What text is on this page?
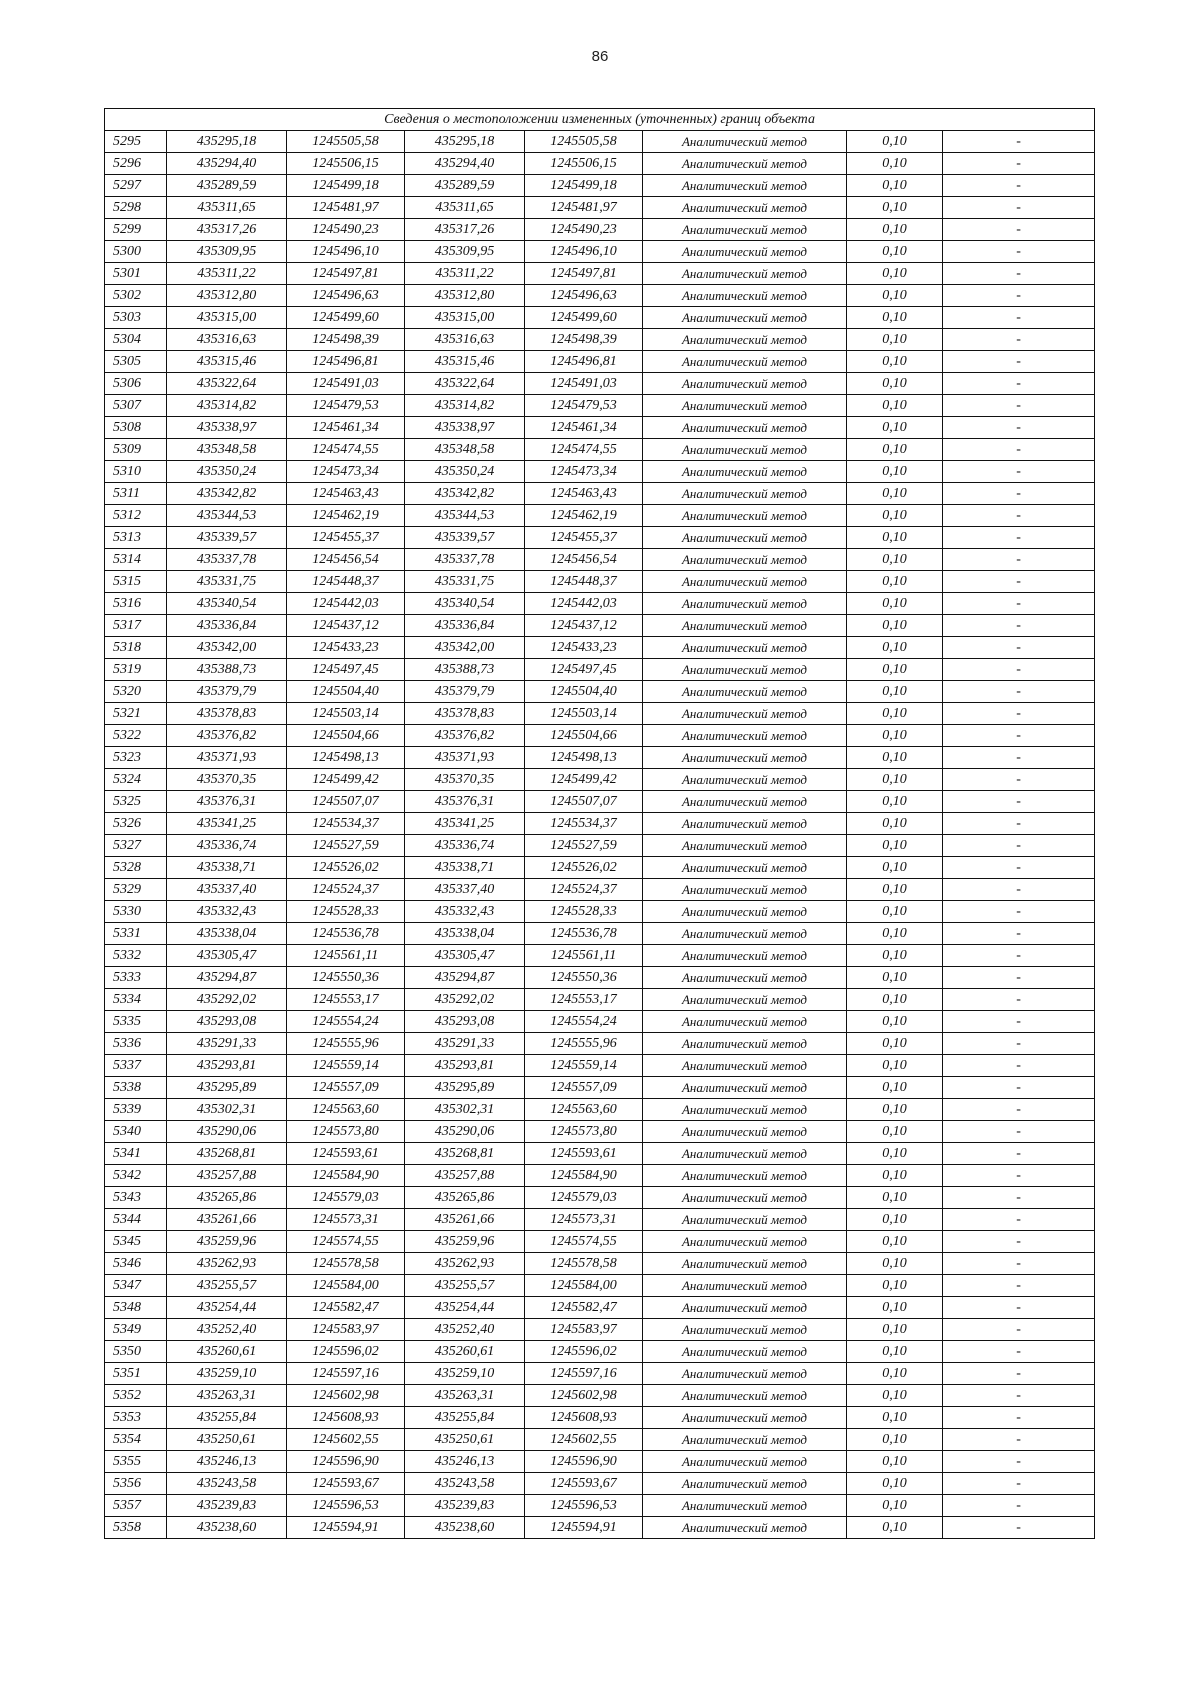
86
Сведения о местоположении измененных (уточненных) границ объекта							
5295	435295,18	1245505,58	435295,18	1245505,58	Аналитический метод	0,10	-
5296	435294,40	1245506,15	435294,40	1245506,15	Аналитический метод	0,10	-
5297	435289,59	1245499,18	435289,59	1245499,18	Аналитический метод	0,10	-
5298	435311,65	1245481,97	435311,65	1245481,97	Аналитический метод	0,10	-
5299	435317,26	1245490,23	435317,26	1245490,23	Аналитический метод	0,10	-
5300	435309,95	1245496,10	435309,95	1245496,10	Аналитический метод	0,10	-
5301	435311,22	1245497,81	435311,22	1245497,81	Аналитический метод	0,10	-
5302	435312,80	1245496,63	435312,80	1245496,63	Аналитический метод	0,10	-
5303	435315,00	1245499,60	435315,00	1245499,60	Аналитический метод	0,10	-
5304	435316,63	1245498,39	435316,63	1245498,39	Аналитический метод	0,10	-
5305	435315,46	1245496,81	435315,46	1245496,81	Аналитический метод	0,10	-
5306	435322,64	1245491,03	435322,64	1245491,03	Аналитический метод	0,10	-
5307	435314,82	1245479,53	435314,82	1245479,53	Аналитический метод	0,10	-
5308	435338,97	1245461,34	435338,97	1245461,34	Аналитический метод	0,10	-
5309	435348,58	1245474,55	435348,58	1245474,55	Аналитический метод	0,10	-
5310	435350,24	1245473,34	435350,24	1245473,34	Аналитический метод	0,10	-
5311	435342,82	1245463,43	435342,82	1245463,43	Аналитический метод	0,10	-
5312	435344,53	1245462,19	435344,53	1245462,19	Аналитический метод	0,10	-
5313	435339,57	1245455,37	435339,57	1245455,37	Аналитический метод	0,10	-
5314	435337,78	1245456,54	435337,78	1245456,54	Аналитический метод	0,10	-
5315	435331,75	1245448,37	435331,75	1245448,37	Аналитический метод	0,10	-
5316	435340,54	1245442,03	435340,54	1245442,03	Аналитический метод	0,10	-
5317	435336,84	1245437,12	435336,84	1245437,12	Аналитический метод	0,10	-
5318	435342,00	1245433,23	435342,00	1245433,23	Аналитический метод	0,10	-
5319	435388,73	1245497,45	435388,73	1245497,45	Аналитический метод	0,10	-
5320	435379,79	1245504,40	435379,79	1245504,40	Аналитический метод	0,10	-
5321	435378,83	1245503,14	435378,83	1245503,14	Аналитический метод	0,10	-
5322	435376,82	1245504,66	435376,82	1245504,66	Аналитический метод	0,10	-
5323	435371,93	1245498,13	435371,93	1245498,13	Аналитический метод	0,10	-
5324	435370,35	1245499,42	435370,35	1245499,42	Аналитический метод	0,10	-
5325	435376,31	1245507,07	435376,31	1245507,07	Аналитический метод	0,10	-
5326	435341,25	1245534,37	435341,25	1245534,37	Аналитический метод	0,10	-
5327	435336,74	1245527,59	435336,74	1245527,59	Аналитический метод	0,10	-
5328	435338,71	1245526,02	435338,71	1245526,02	Аналитический метод	0,10	-
5329	435337,40	1245524,37	435337,40	1245524,37	Аналитический метод	0,10	-
5330	435332,43	1245528,33	435332,43	1245528,33	Аналитический метод	0,10	-
5331	435338,04	1245536,78	435338,04	1245536,78	Аналитический метод	0,10	-
5332	435305,47	1245561,11	435305,47	1245561,11	Аналитический метод	0,10	-
5333	435294,87	1245550,36	435294,87	1245550,36	Аналитический метод	0,10	-
5334	435292,02	1245553,17	435292,02	1245553,17	Аналитический метод	0,10	-
5335	435293,08	1245554,24	435293,08	1245554,24	Аналитический метод	0,10	-
5336	435291,33	1245555,96	435291,33	1245555,96	Аналитический метод	0,10	-
5337	435293,81	1245559,14	435293,81	1245559,14	Аналитический метод	0,10	-
5338	435295,89	1245557,09	435295,89	1245557,09	Аналитический метод	0,10	-
5339	435302,31	1245563,60	435302,31	1245563,60	Аналитический метод	0,10	-
5340	435290,06	1245573,80	435290,06	1245573,80	Аналитический метод	0,10	-
5341	435268,81	1245593,61	435268,81	1245593,61	Аналитический метод	0,10	-
5342	435257,88	1245584,90	435257,88	1245584,90	Аналитический метод	0,10	-
5343	435265,86	1245579,03	435265,86	1245579,03	Аналитический метод	0,10	-
5344	435261,66	1245573,31	435261,66	1245573,31	Аналитический метод	0,10	-
5345	435259,96	1245574,55	435259,96	1245574,55	Аналитический метод	0,10	-
5346	435262,93	1245578,58	435262,93	1245578,58	Аналитический метод	0,10	-
5347	435255,57	1245584,00	435255,57	1245584,00	Аналитический метод	0,10	-
5348	435254,44	1245582,47	435254,44	1245582,47	Аналитический метод	0,10	-
5349	435252,40	1245583,97	435252,40	1245583,97	Аналитический метод	0,10	-
5350	435260,61	1245596,02	435260,61	1245596,02	Аналитический метод	0,10	-
5351	435259,10	1245597,16	435259,10	1245597,16	Аналитический метод	0,10	-
5352	435263,31	1245602,98	435263,31	1245602,98	Аналитический метод	0,10	-
5353	435255,84	1245608,93	435255,84	1245608,93	Аналитический метод	0,10	-
5354	435250,61	1245602,55	435250,61	1245602,55	Аналитический метод	0,10	-
5355	435246,13	1245596,90	435246,13	1245596,90	Аналитический метод	0,10	-
5356	435243,58	1245593,67	435243,58	1245593,67	Аналитический метод	0,10	-
5357	435239,83	1245596,53	435239,83	1245596,53	Аналитический метод	0,10	-
5358	435238,60	1245594,91	435238,60	1245594,91	Аналитический метод	0,10	-
